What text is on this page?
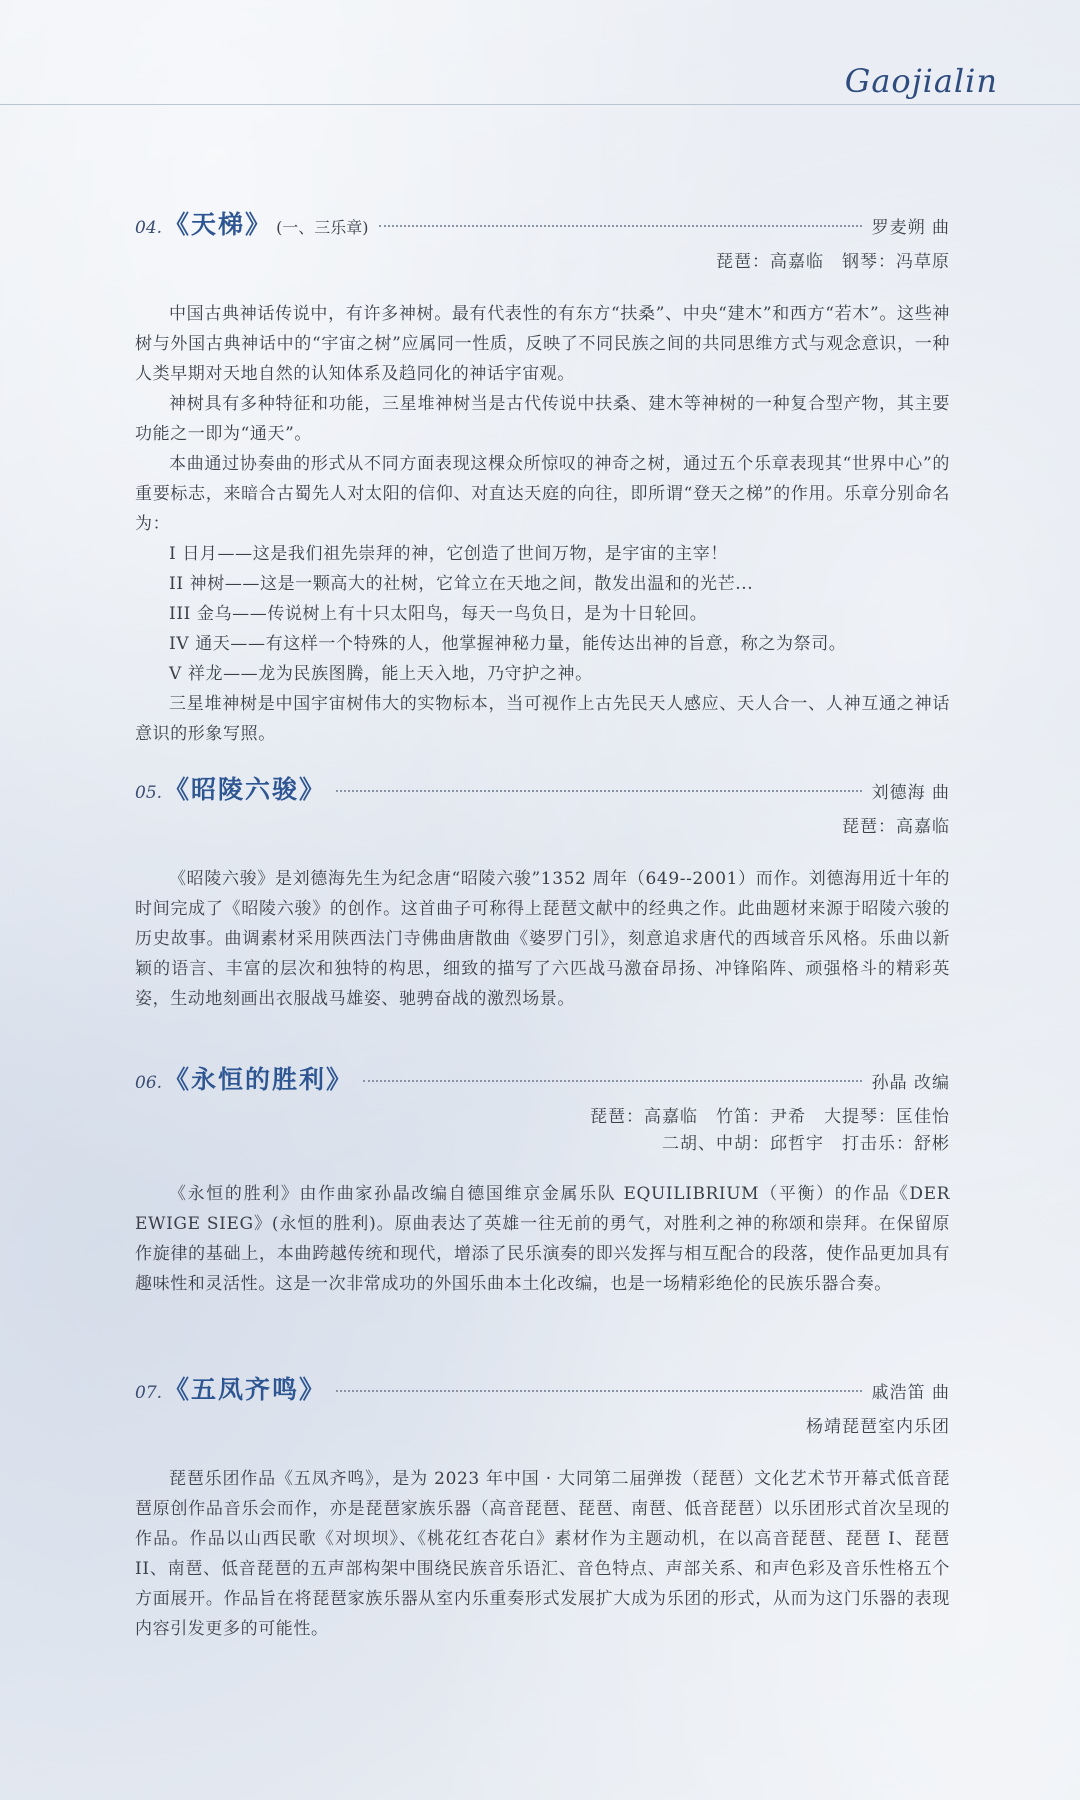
Gaojialin
04. 《天梯》 (一、三乐章)	罗麦朔 曲
琵琶：高嘉临　钢琴：冯草原

中国古典神话传说中，有许多神树。最有代表性的有东方“扶桑”、中央“建木”和西方“若木”。这些神树与外国古典神话中的“宇宙之树”应属同一性质，反映了不同民族之间的共同思维方式与观念意识，一种人类早期对天地自然的认知体系及趋同化的神话宇宙观。

神树具有多种特征和功能，三星堆神树当是古代传说中扶桑、建木等神树的一种复合型产物，其主要功能之一即为“通天”。

本曲通过协奏曲的形式从不同方面表现这棵众所惊叹的神奇之树，通过五个乐章表现其“世界中心”的重要标志，来暗合古蜀先人对太阳的信仰、对直达天庭的向往，即所谓“登天之梯”的作用。乐章分别命名为：

I 日月——这是我们祖先崇拜的神，它创造了世间万物，是宇宙的主宰！

II 神树——这是一颗高大的社树，它耸立在天地之间，散发出温和的光芒...

III 金乌——传说树上有十只太阳鸟，每天一鸟负日，是为十日轮回。

IV 通天——有这样一个特殊的人，他掌握神秘力量，能传达出神的旨意，称之为祭司。

V 祥龙——龙为民族图腾，能上天入地，乃守护之神。

三星堆神树是中国宇宙树伟大的实物标本，当可视作上古先民天人感应、天人合一、人神互通之神话意识的形象写照。

05. 《昭陵六骏》	刘德海 曲
琵琶：高嘉临

《昭陵六骏》是刘德海先生为纪念唐“昭陵六骏”1352 周年（649--2001）而作。刘德海用近十年的时间完成了《昭陵六骏》的创作。这首曲子可称得上琵琶文献中的经典之作。此曲题材来源于昭陵六骏的历史故事。曲调素材采用陕西法门寺佛曲唐散曲《婆罗门引》，刻意追求唐代的西域音乐风格。乐曲以新颖的语言、丰富的层次和独特的构思，细致的描写了六匹战马激奋昂扬、冲锋陷阵、顽强格斗的精彩英姿，生动地刻画出衣服战马雄姿、驰骋奋战的激烈场景。

06. 《永恒的胜利》	孙晶 改编
琵琶：高嘉临　竹笛：尹希　大提琴：匡佳怡
二胡、中胡：邱哲宇　打击乐：舒彬

《永恒的胜利》由作曲家孙晶改编自德国维京金属乐队 EQUILIBRIUM（平衡）的作品《DER EWIGE SIEG》(永恒的胜利)。原曲表达了英雄一往无前的勇气，对胜利之神的称颂和崇拜。在保留原作旋律的基础上，本曲跨越传统和现代，增添了民乐演奏的即兴发挥与相互配合的段落，使作品更加具有趣味性和灵活性。这是一次非常成功的外国乐曲本土化改编，也是一场精彩绝伦的民族乐器合奏。

07. 《五凤齐鸣》	戚浩笛 曲
杨靖琵琶室内乐团

琵琶乐团作品《五凤齐鸣》，是为 2023 年中国 · 大同第二届弹拨（琵琶）文化艺术节开幕式低音琵琶原创作品音乐会而作，亦是琵琶家族乐器（高音琵琶、琵琶、南琶、低音琵琶）以乐团形式首次呈现的作品。作品以山西民歌《对坝坝》、《桃花红杏花白》素材作为主题动机，在以高音琵琶、琵琶 I、琵琶 II、南琶、低音琵琶的五声部构架中围绕民族音乐语汇、音色特点、声部关系、和声色彩及音乐性格五个方面展开。作品旨在将琵琶家族乐器从室内乐重奏形式发展扩大成为乐团的形式，从而为这门乐器的表现内容引发更多的可能性。
